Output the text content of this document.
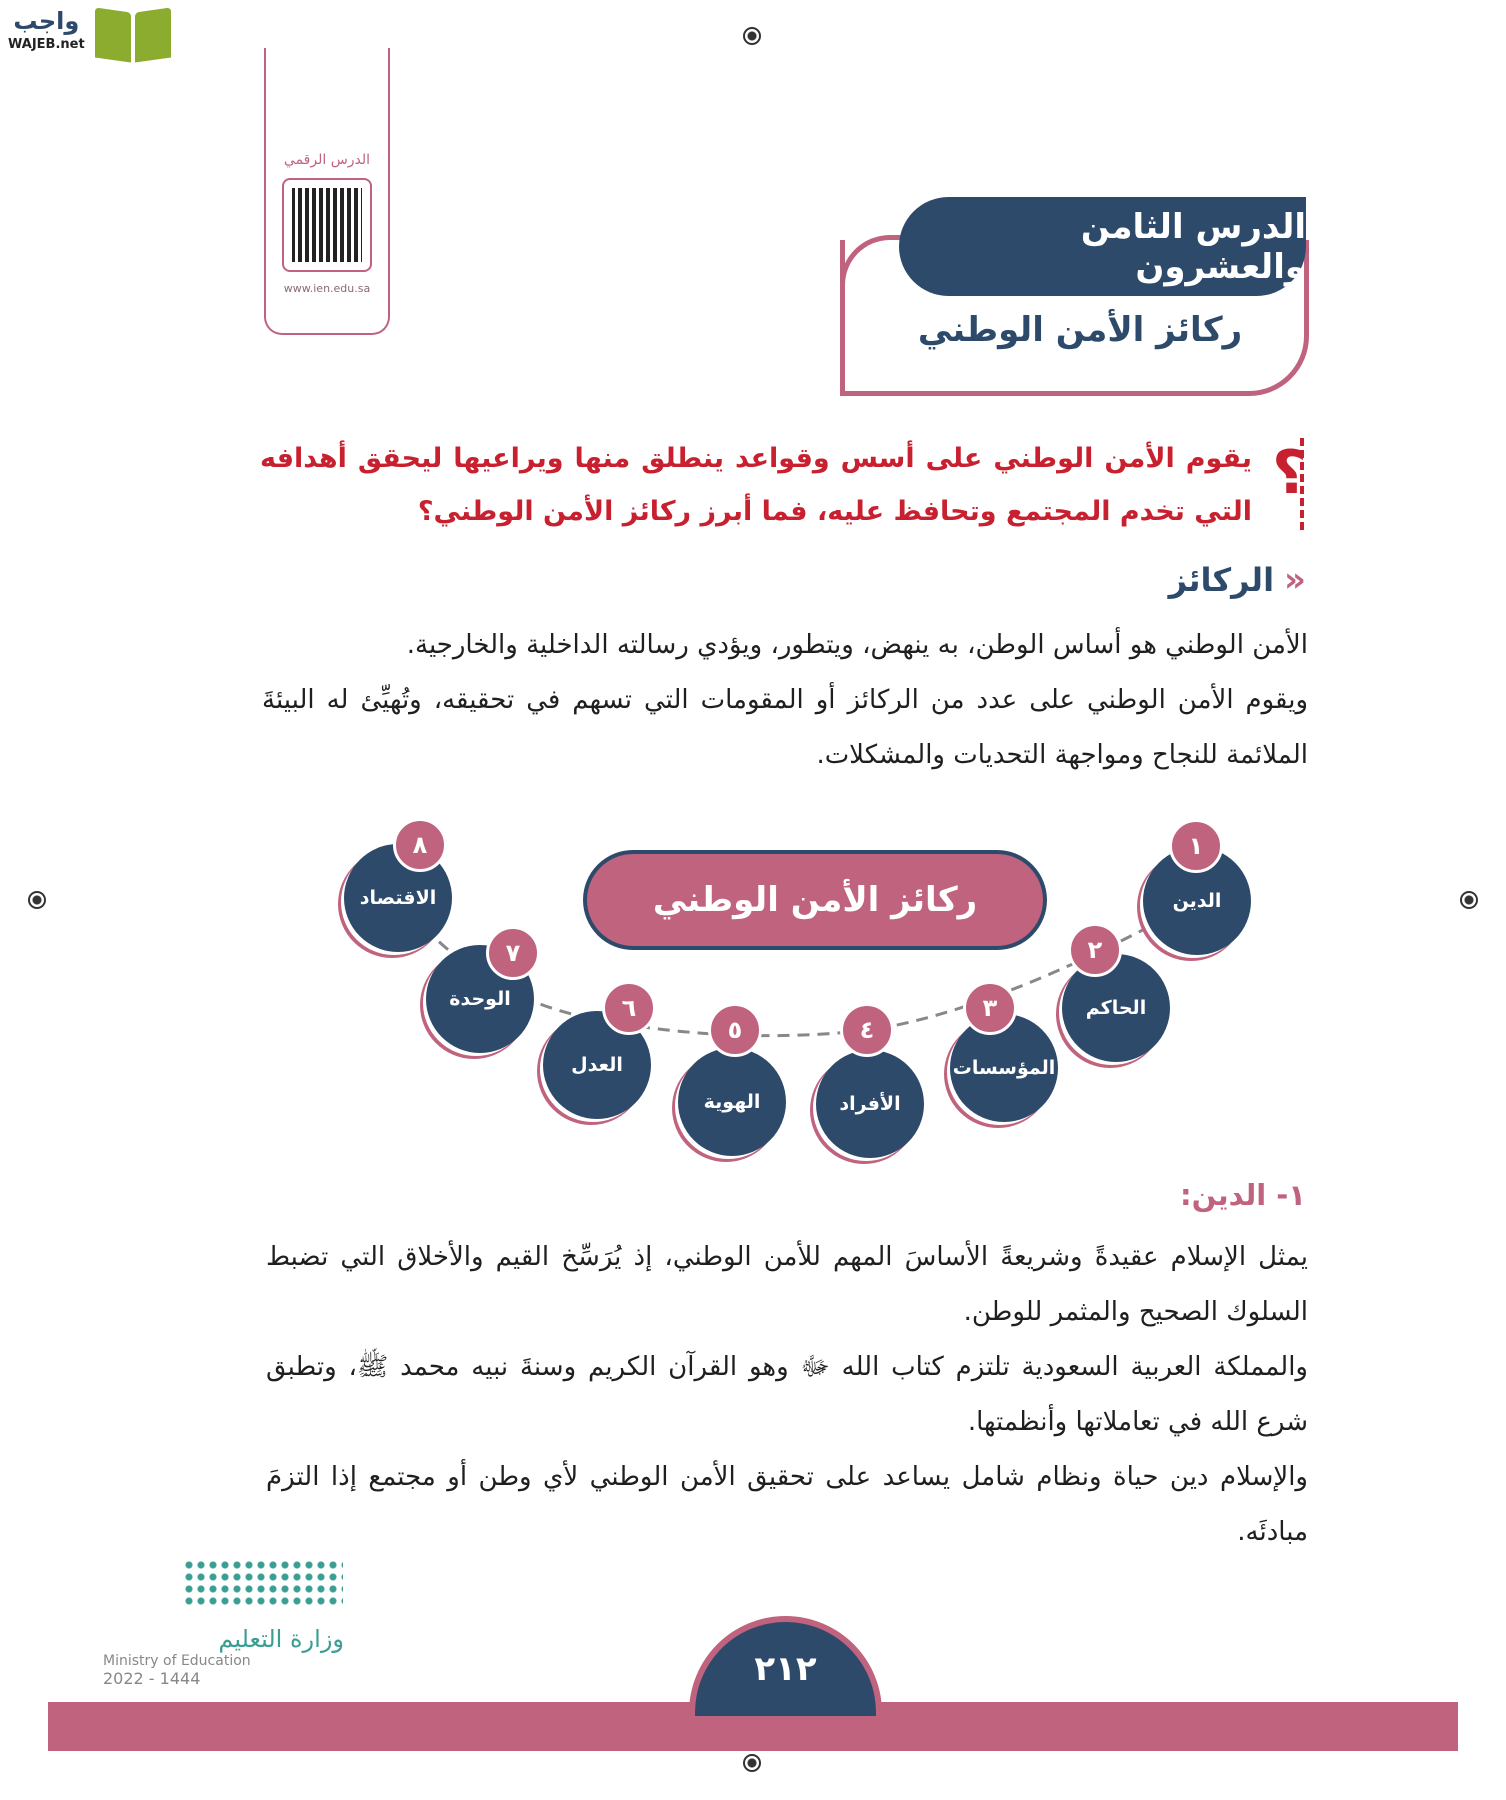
واجب
WAJEB.net
الدرس الرقمي
www.ien.edu.sa
الدرس الثامن والعشرون
ركائز الأمن الوطني
؟
يقوم الأمن الوطني على أسس وقواعد ينطلق منها ويراعيها ليحقق أهدافه التي تخدم المجتمع وتحافظ عليه، فما أبرز ركائز الأمن الوطني؟
«
الركائز

الأمن الوطني هو أساس الوطن، به ينهض، ويتطور، ويؤدي رسالته الداخلية والخارجية.

ويقوم الأمن الوطني على عدد من الركائز أو المقومات التي تسهم في تحقيقه، وتُهيِّئ له البيئةَ الملائمة للنجاح ومواجهة التحديات والمشكلات.

ركائز الأمن الوطني	الدين
١
الحاكم
٢
المؤسسات
٣
الأفراد
٤
الهوية
٥
العدل
٦
الوحدة
٧
الاقتصاد
٨
١- الدين:

يمثل الإسلام عقيدةً وشريعةً الأساسَ المهم للأمن الوطني، إذ يُرَسِّخ القيم والأخلاق التي تضبط السلوك الصحيح والمثمر للوطن.

والمملكة العربية السعودية تلتزم كتاب الله ﷻ وهو القرآن الكريم وسنةَ نبيه محمد ﷺ، وتطبق شرع الله في تعاملاتها وأنظمتها.

والإسلام دين حياة ونظام شامل يساعد على تحقيق الأمن الوطني لأي وطن أو مجتمع إذا التزمَ مبادئَه.

وزارة التعليم
Ministry of Education
2022 - 1444	٢١٢
